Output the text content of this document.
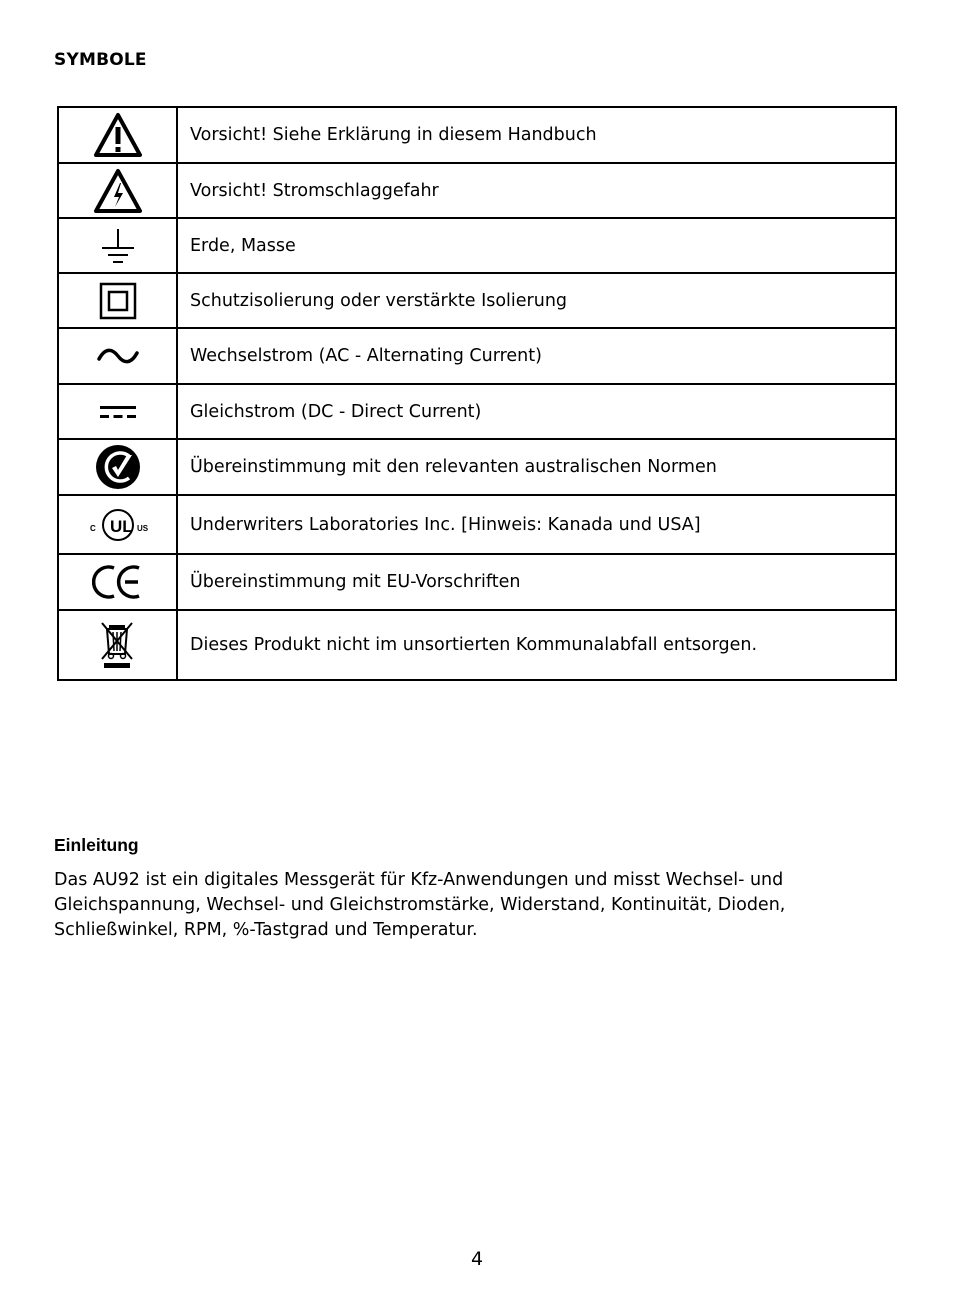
SYMBOLE
	Vorsicht! Siehe Erklärung in diesem Handbuch

	Vorsicht! Stromschlaggefahr

	Erde, Masse

	Schutzisolierung oder verstärkte Isolierung

	Wechselstrom (AC - Alternating Current)

	Gleichstrom (DC - Direct Current)

	Übereinstimmung mit den relevanten australischen Normen

C UL US	Underwriters Laboratories Inc. [Hinweis: Kanada und USA]

	Übereinstimmung mit EU-Vorschriften

	Dieses Produkt nicht im unsortierten Kommunalabfall entsorgen.
Einleitung

Das AU92 ist ein digitales Messgerät für Kfz-Anwendungen und misst Wechsel- und Gleichspannung, Wechsel- und Gleichstromstärke, Widerstand, Kontinuität, Dioden, Schließwinkel, RPM, %-Tastgrad und Temperatur.

4
